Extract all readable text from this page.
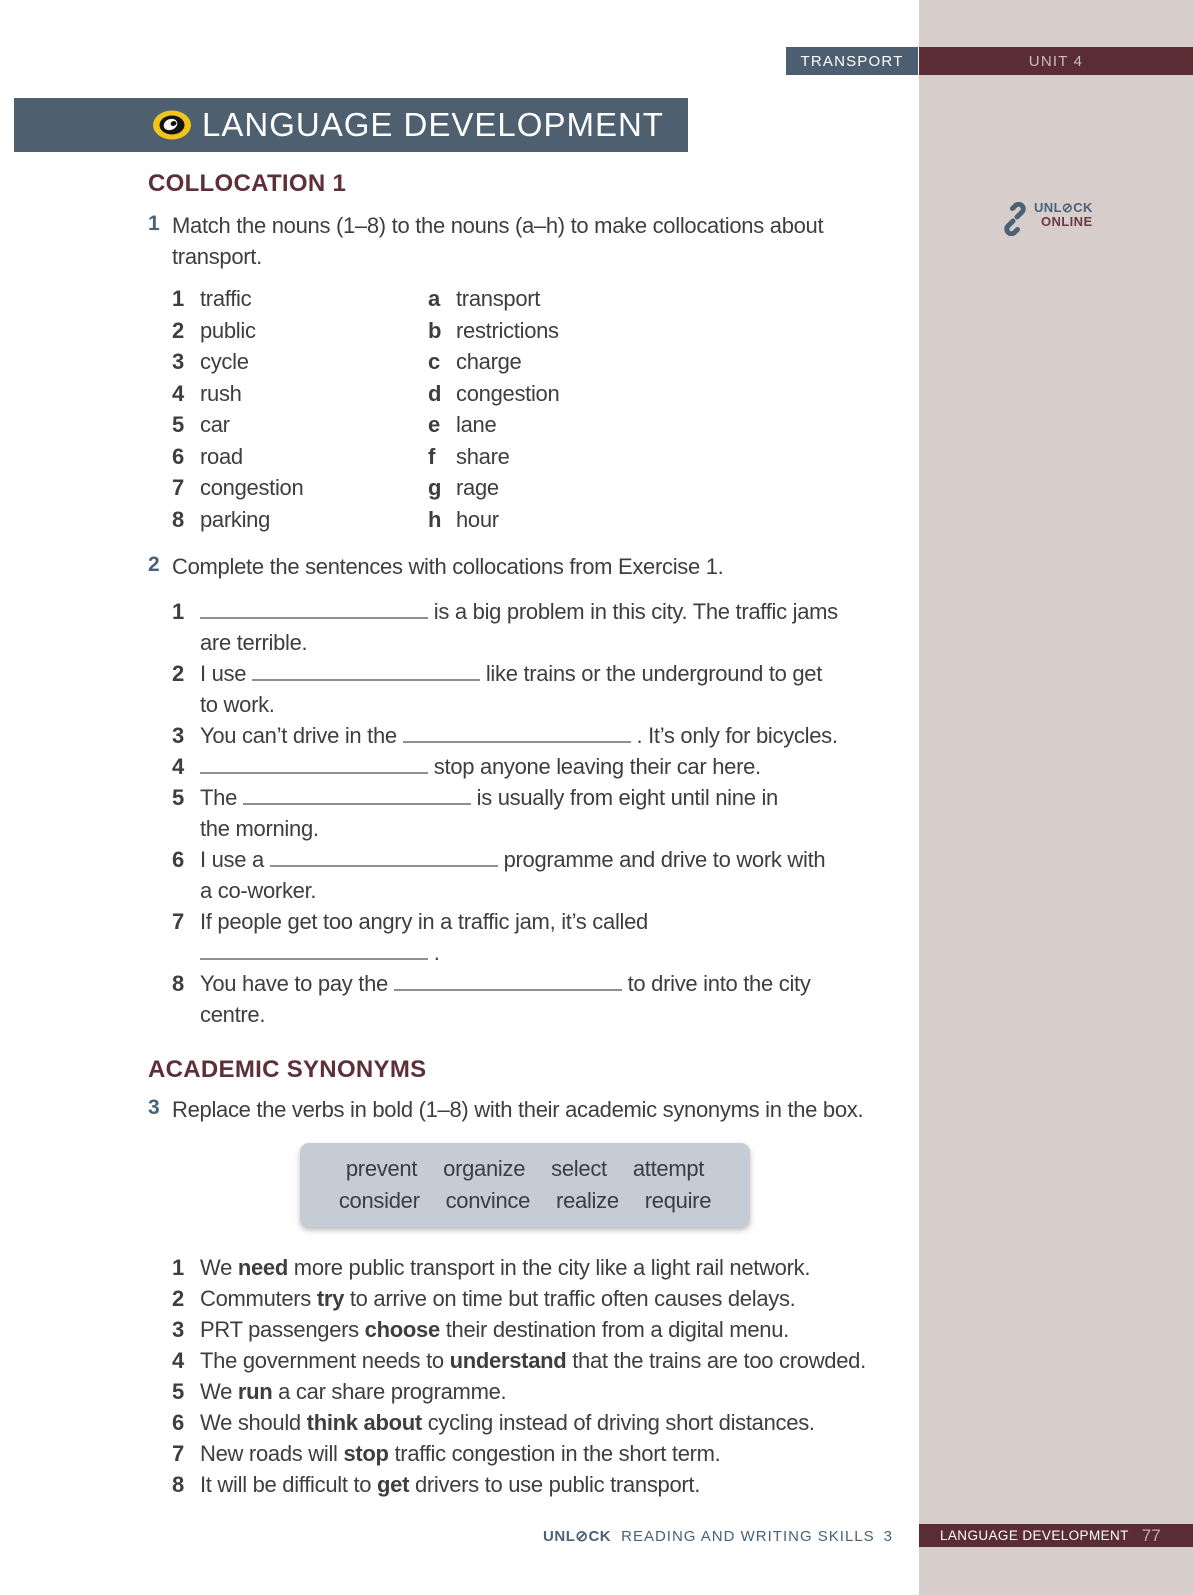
TRANSPORT	UNIT 4
LANGUAGE DEVELOPMENT
UNL⊘CK
ONLINE
COLLOCATION 1
1 Match the nouns (1–8) to the nouns (a–h) to make collocations about transport.
1 traffic	a transport
2 public	b restrictions
3 cycle	c charge
4 rush	d congestion
5 car	e lane
6 road	f share
7 congestion	g rage
8 parking	h hour
2 Complete the sentences with collocations from Exercise 1.
1	is a big problem in this city. The traffic jams
are terrible.
2 I use	like trains or the underground to get
to work.
3 You can’t drive in the	. It’s only for bicycles.
4	stop anyone leaving their car here.
5 The	is usually from eight until nine in
the morning.
6 I use a	programme and drive to work with
a co-worker.
7 If people get too angry in a traffic jam, it’s called
.
8 You have to pay the	to drive into the city
centre.
ACADEMIC SYNONYMS
3 Replace the verbs in bold (1–8) with their academic synonyms in the box.
prevent organize select attempt
consider convince realize require
1 We need more public transport in the city like a light rail network.
2 Commuters try to arrive on time but traffic often causes delays.
3 PRT passengers choose their destination from a digital menu.
4 The government needs to understand that the trains are too crowded.
5 We run a car share programme.
6 We should think about cycling instead of driving short distances.
7 New roads will stop traffic congestion in the short term.
8 It will be difficult to get drivers to use public transport.
UNL⊘CK READING AND WRITING SKILLS 3	LANGUAGE DEVELOPMENT 77
